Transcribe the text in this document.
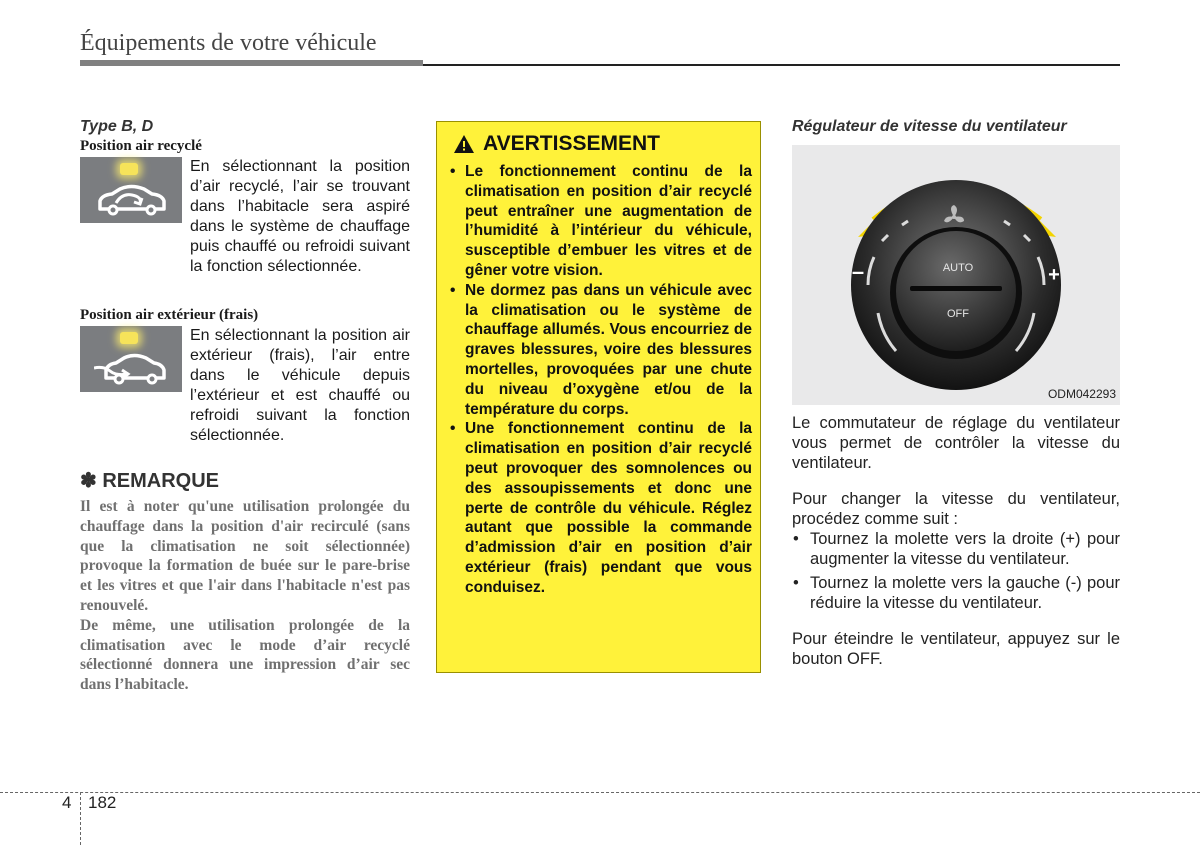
Équipements de votre véhicule
Type B, D
Position air recyclé
En sélectionnant la position d’air recyclé, l’air se trouvant dans l’habitacle sera aspiré dans le système de chauffage puis chauffé ou refroidi suivant la fonction sélectionnée.
Position air extérieur (frais)
En sélectionnant la position air extérieur (frais), l’air entre dans le véhicule depuis l’extérieur et est chauffé ou refroidi suivant la fonction sélectionnée.
✽ REMARQUE
Il est à noter qu'une utilisation prolongée du chauffage dans la position d'air recirculé (sans que la climatisation ne soit sélectionnée) provoque la formation de buée sur le pare-brise et les vitres et que l'air dans l'habitacle n'est pas renouvelé.
De même, une utilisation prolongée de la climatisation avec le mode d’air recyclé sélectionné donnera une impression d’air sec dans l’habitacle.
AVERTISSEMENT
• Le fonctionnement continu de la climatisation en position d’air recyclé peut entraîner une augmentation de l’humidité à l’intérieur du véhicule, susceptible d’embuer les vitres et de gêner votre vision.
• Ne dormez pas dans un véhicule avec la climatisation ou le système de chauffage allumés. Vous encourriez de graves blessures, voire des blessures mortelles, provoquées par une chute du niveau d’oxygène et/ou de la température du corps.
• Une fonctionnement continu de la climatisation en position d’air recyclé peut provoquer des somnolences ou des assoupissements et donc une perte de contrôle du véhicule. Réglez autant que possible la commande d’admission d’air en position d’air extérieur (frais) pendant que vous conduisez.
Régulateur de vitesse du ventilateur
AUTO
OFF
–	+
ODM042293
Le commutateur de réglage du ventilateur vous permet de contrôler la vitesse du ventilateur.
Pour changer la vitesse du ventilateur, procédez comme suit :
• Tournez la molette vers la droite (+) pour augmenter la vitesse du ventilateur.
• Tournez la molette vers la gauche (-) pour réduire la vitesse du ventilateur.
Pour éteindre le ventilateur, appuyez sur le bouton OFF.
4 182
